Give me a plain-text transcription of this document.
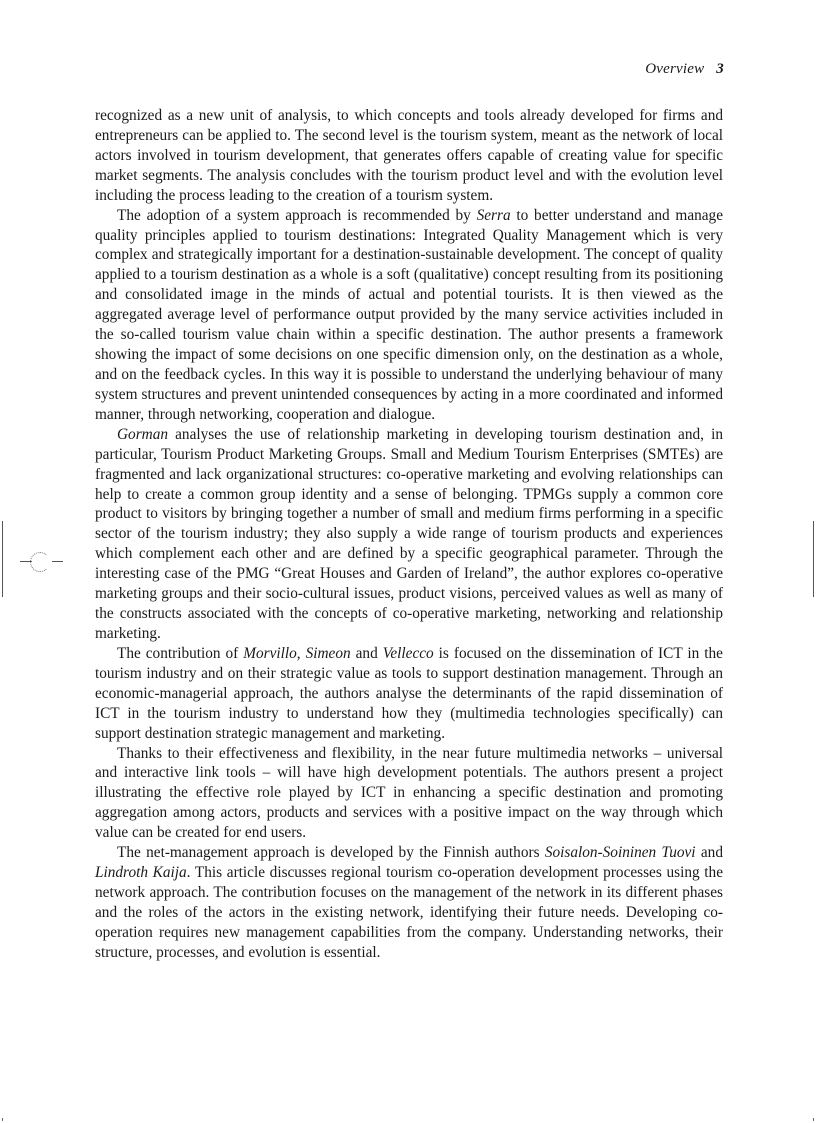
Overview 3

recognized as a new unit of analysis, to which concepts and tools already developed for firms and entrepreneurs can be applied to. The second level is the tourism system, meant as the network of local actors involved in tourism development, that generates offers capable of creating value for specific market segments. The analysis concludes with the tourism product level and with the evolution level including the process leading to the creation of a tourism system.

The adoption of a system approach is recommended by Serra to better understand and manage quality principles applied to tourism destinations: Integrated Quality Management which is very complex and strategically important for a destination-sustainable development. The concept of quality applied to a tourism destination as a whole is a soft (qualitative) concept resulting from its positioning and consolidated image in the minds of actual and potential tourists. It is then viewed as the aggregated average level of performance output provided by the many service activities included in the so-called tourism value chain within a specific destination. The author presents a framework showing the impact of some decisions on one specific dimension only, on the destination as a whole, and on the feedback cycles. In this way it is possible to understand the underlying behaviour of many system structures and prevent unintended consequences by acting in a more coordinated and informed manner, through networking, cooperation and dialogue.

Gorman analyses the use of relationship marketing in developing tourism destination and, in particular, Tourism Product Marketing Groups. Small and Medium Tourism Enterprises (SMTEs) are fragmented and lack organizational structures: co-operative marketing and evolving relationships can help to create a common group identity and a sense of belonging. TPMGs supply a common core product to visitors by bringing together a number of small and medium firms performing in a specific sector of the tourism industry; they also supply a wide range of tourism products and experiences which complement each other and are defined by a specific geographical parameter. Through the interesting case of the PMG “Great Houses and Garden of Ireland”, the author explores co-operative marketing groups and their socio-cultural issues, product visions, perceived values as well as many of the constructs associated with the concepts of co-operative marketing, networking and relationship marketing.

The contribution of Morvillo, Simeon and Vellecco is focused on the dissemination of ICT in the tourism industry and on their strategic value as tools to support destination management. Through an economic-managerial approach, the authors analyse the determinants of the rapid dissemination of ICT in the tourism industry to understand how they (multimedia technologies specifically) can support destination strategic management and marketing.

Thanks to their effectiveness and flexibility, in the near future multimedia networks – universal and interactive link tools – will have high development potentials. The authors present a project illustrating the effective role played by ICT in enhancing a specific destination and promoting aggregation among actors, products and services with a positive impact on the way through which value can be created for end users.

The net-management approach is developed by the Finnish authors Soisalon-Soininen Tuovi and Lindroth Kaija. This article discusses regional tourism co-operation development processes using the network approach. The contribution focuses on the management of the network in its different phases and the roles of the actors in the existing network, identifying their future needs. Developing co-operation requires new management capabilities from the company. Understanding networks, their structure, processes, and evolution is essential.
